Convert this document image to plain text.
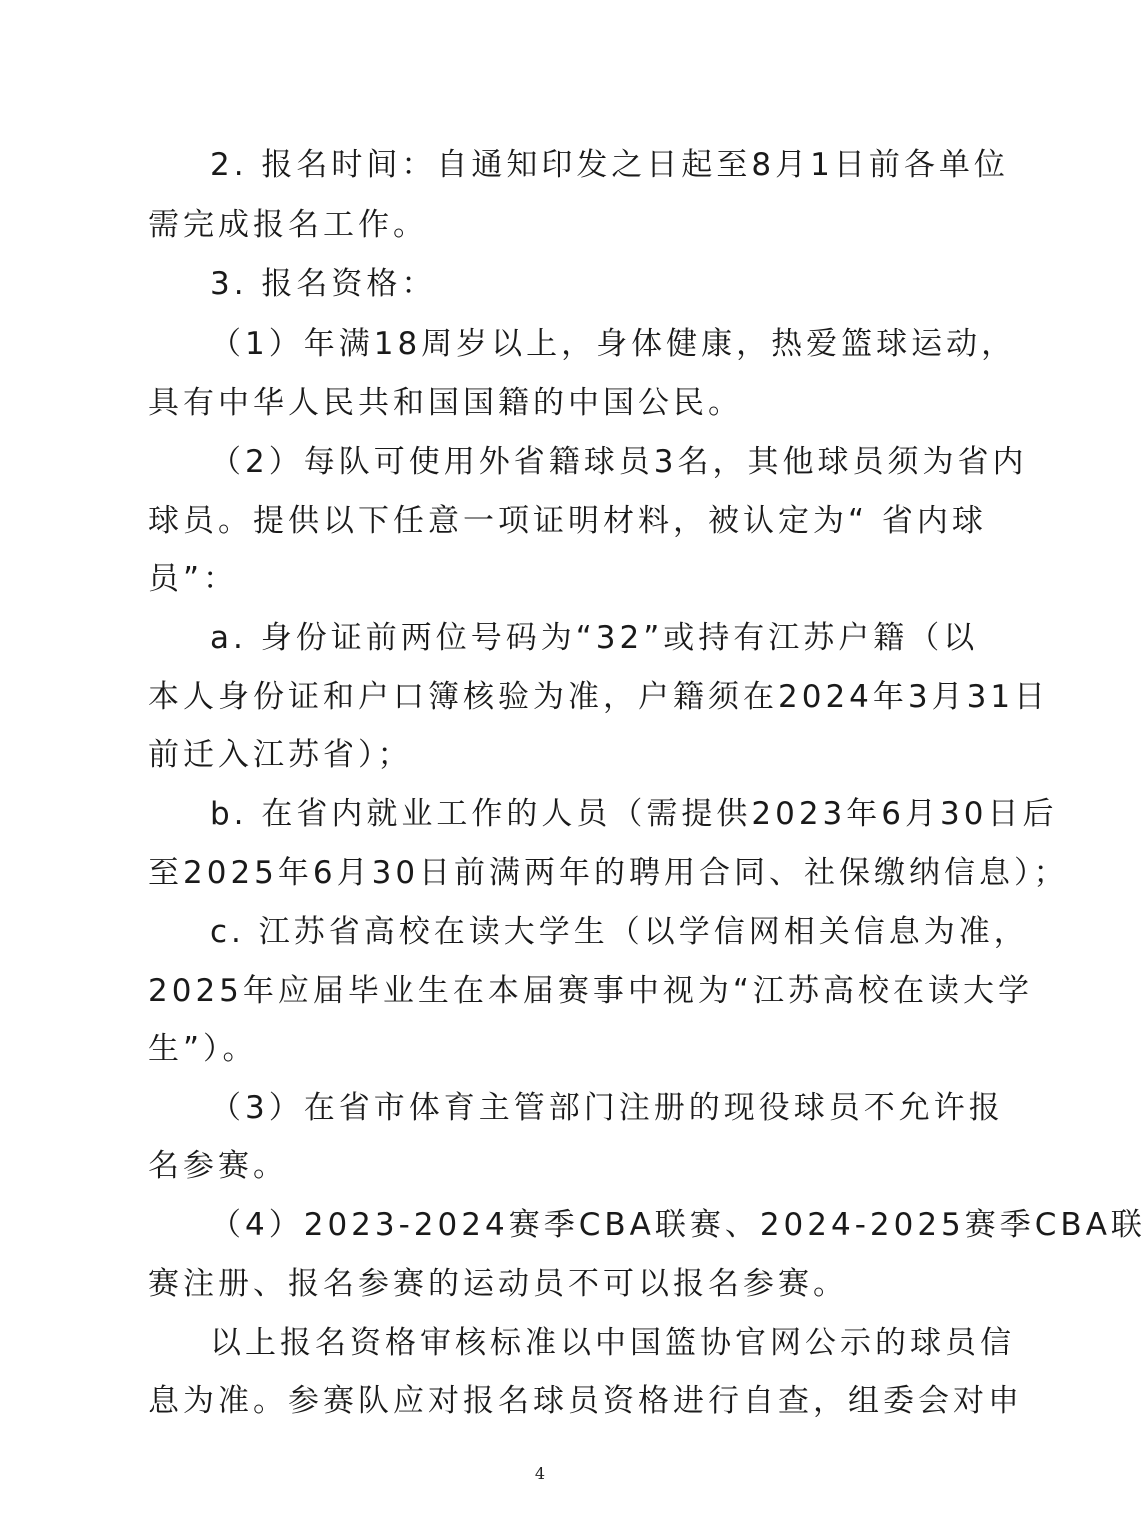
2. 报名时间：自通知印发之日起至8月1日前各单位
需完成报名工作。
3. 报名资格：
（1）年满18周岁以上，身体健康，热爱篮球运动，
具有中华人民共和国国籍的中国公民。
（2）每队可使用外省籍球员3名，其他球员须为省内
球员。提供以下任意一项证明材料，被认定为“ 省内球
员”：
a. 身份证前两位号码为“32”或持有江苏户籍（以
本人身份证和户口簿核验为准，户籍须在2024年3月31日
前迁入江苏省）；
b. 在省内就业工作的人员（需提供2023年6月30日后
至2025年6月30日前满两年的聘用合同、社保缴纳信息）；
c. 江苏省高校在读大学生（以学信网相关信息为准，
2025年应届毕业生在本届赛事中视为“江苏高校在读大学
生”）。
（3）在省市体育主管部门注册的现役球员不允许报
名参赛。
（4）2023-2024赛季CBA联赛、2024-2025赛季CBA联
赛注册、报名参赛的运动员不可以报名参赛。
以上报名资格审核标准以中国篮协官网公示的球员信
息为准。参赛队应对报名球员资格进行自查，组委会对申
4
